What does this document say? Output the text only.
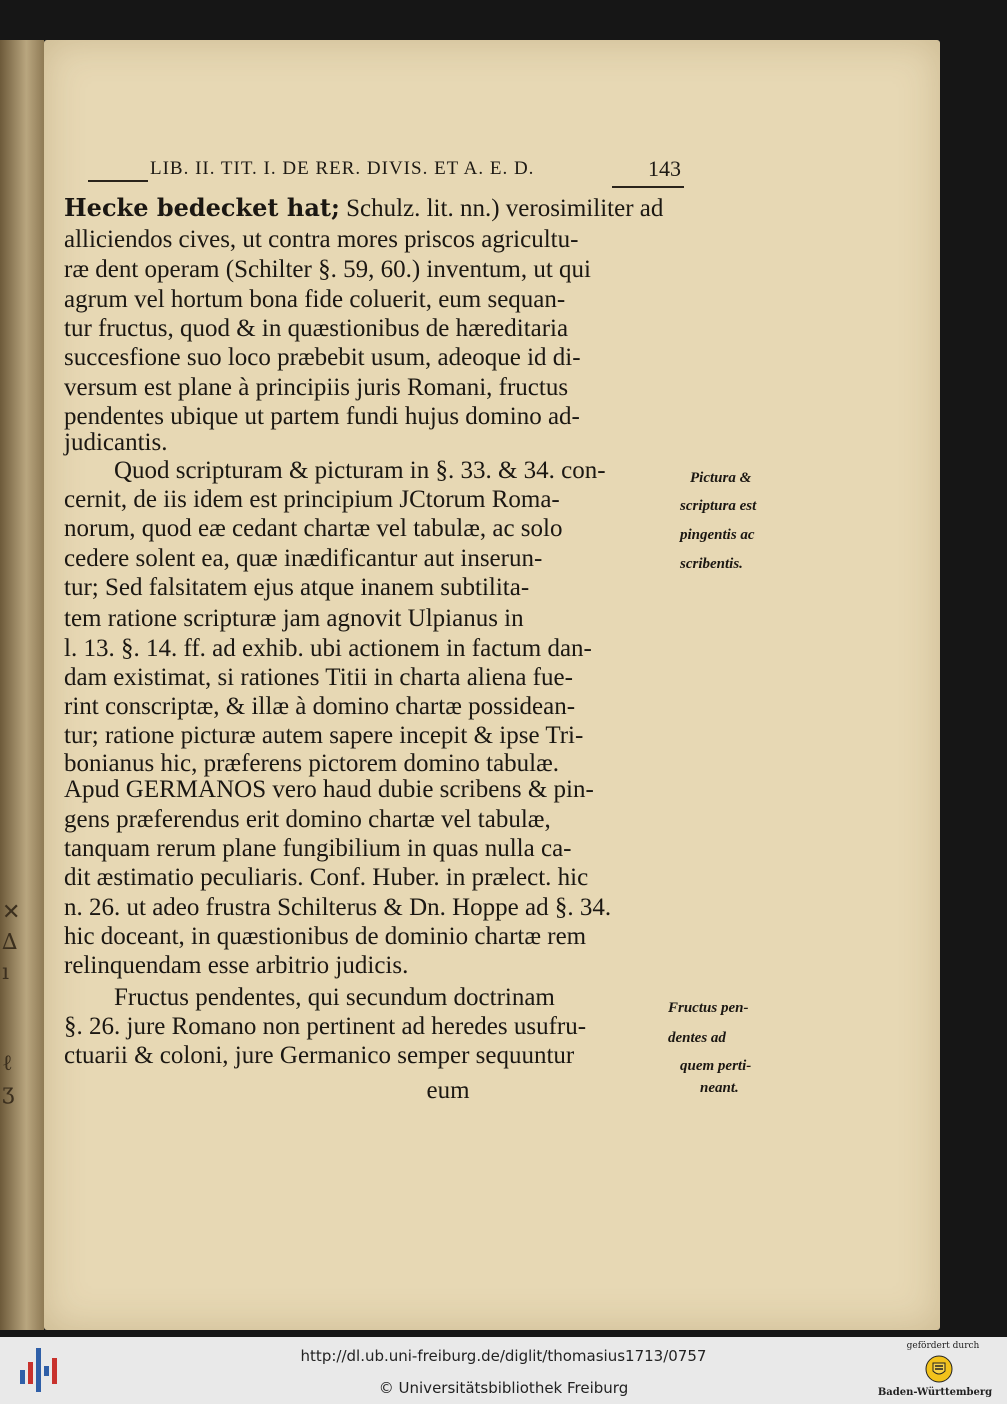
✕
∆
ı
ℓ
ʒ
LIB. II. TIT. I. DE RER. DIVIS. ET A. E. D.	143
Hecke bedecket hat; Schulz. lit. nn.) verosimiliter ad
alliciendos cives, ut contra mores priscos agricultu-
ræ dent operam (Schilter §. 59, 60.) inventum, ut qui
agrum vel hortum bona fide coluerit, eum sequan-
tur fructus, quod & in quæstionibus de hæreditaria
succesfione suo loco præbebit usum, adeoque id di-
versum est plane à principiis juris Romani, fructus
pendentes ubique ut partem fundi hujus domino ad-
judicantis.
Quod scripturam & picturam in §. 33. & 34. con-
cernit, de iis idem est principium JCtorum Roma-
norum, quod eæ cedant chartæ vel tabulæ, ac solo
cedere solent ea, quæ inædificantur aut inserun-
tur; Sed falsitatem ejus atque inanem subtilita-
tem ratione scripturæ jam agnovit Ulpianus in
l. 13. §. 14. ff. ad exhib. ubi actionem in factum dan-
dam existimat, si rationes Titii in charta aliena fue-
rint conscriptæ, & illæ à domino chartæ possidean-
tur; ratione picturæ autem sapere incepit & ipse Tri-
bonianus hic, præferens pictorem domino tabulæ.
Apud GERMANOS vero haud dubie scribens & pin-
gens præferendus erit domino chartæ vel tabulæ,
tanquam rerum plane fungibilium in quas nulla ca-
dit æstimatio peculiaris. Conf. Huber. in prælect. hic
n. 26. ut adeo frustra Schilterus & Dn. Hoppe ad §. 34.
hic doceant, in quæstionibus de dominio chartæ rem
relinquendam esse arbitrio judicis.
Fructus pendentes, qui secundum doctrinam
§. 26. jure Romano non pertinent ad heredes usufru-
ctuarii & coloni, jure Germanico semper sequuntur
eum
Pictura &
scriptura est
pingentis ac
scribentis.
Fructus pen-
dentes ad
quem perti-
neant.
http://dl.ub.uni-freiburg.de/diglit/thomasius1713/0757
© Universitätsbibliothek Freiburg
gefördert durch
Baden-Württemberg
